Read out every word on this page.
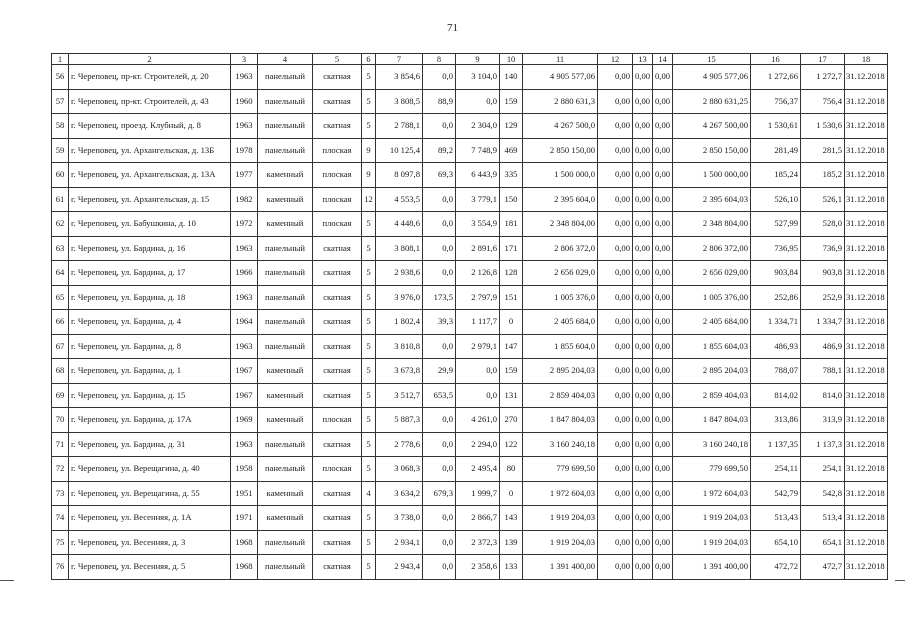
71
1	2	3	4	5	6	7	8	9	10	11	12	13	14	15	16	17	18
56	г. Череповец, пр-кт. Строителей, д. 20	1963	панельный	скатная	5	3 854,6	0,0	3 104,0	140	4 905 577,06	0,00	0,00	0,00	4 905 577,06	1 272,66	1 272,7	31.12.2018
57	г. Череповец, пр-кт. Строителей, д. 43	1960	панельный	скатная	5	3 808,5	88,9	0,0	159	2 880 631,3	0,00	0,00	0,00	2 880 631,25	756,37	756,4	31.12.2018
58	г. Череповец, проезд. Клубный, д. 8	1963	панельный	скатная	5	2 788,1	0,0	2 304,0	129	4 267 500,0	0,00	0,00	0,00	4 267 500,00	1 530,61	1 530,6	31.12.2018
59	г. Череповец, ул. Архангельская, д. 13Б	1978	панельный	плоская	9	10 125,4	89,2	7 748,9	469	2 850 150,00	0,00	0,00	0,00	2 850 150,00	281,49	281,5	31.12.2018
60	г. Череповец, ул. Архангельская, д. 13А	1977	каменный	плоская	9	8 097,8	69,3	6 443,9	335	1 500 000,0	0,00	0,00	0,00	1 500 000,00	185,24	185,2	31.12.2018
61	г. Череповец, ул. Архангельская, д. 15	1982	каменный	плоская	12	4 553,5	0,0	3 779,1	150	2 395 604,0	0,00	0,00	0,00	2 395 604,03	526,10	526,1	31.12.2018
62	г. Череповец, ул. Бабушкина, д. 10	1972	каменный	плоская	5	4 448,6	0,0	3 554,9	181	2 348 804,00	0,00	0,00	0,00	2 348 804,00	527,99	528,0	31.12.2018
63	г. Череповец, ул. Бардина, д. 16	1963	панельный	скатная	5	3 808,1	0,0	2 891,6	171	2 806 372,0	0,00	0,00	0,00	2 806 372,00	736,95	736,9	31.12.2018
64	г. Череповец, ул. Бардина, д. 17	1966	панельный	скатная	5	2 938,6	0,0	2 126,8	128	2 656 029,0	0,00	0,00	0,00	2 656 029,00	903,84	903,8	31.12.2018
65	г. Череповец, ул. Бардина, д. 18	1963	панельный	скатная	5	3 976,0	173,5	2 797,9	151	1 005 376,0	0,00	0,00	0,00	1 005 376,00	252,86	252,9	31.12.2018
66	г. Череповец, ул. Бардина, д. 4	1964	панельный	скатная	5	1 802,4	39,3	1 117,7	0	2 405 684,0	0,00	0,00	0,00	2 405 684,00	1 334,71	1 334,7	31.12.2018
67	г. Череповец, ул. Бардина, д. 8	1963	панельный	скатная	5	3 810,8	0,0	2 979,1	147	1 855 604,0	0,00	0,00	0,00	1 855 604,03	486,93	486,9	31.12.2018
68	г. Череповец, ул. Бардина, д. 1	1967	каменный	скатная	5	3 673,8	29,9	0,0	159	2 895 204,03	0,00	0,00	0,00	2 895 204,03	788,07	788,1	31.12.2018
69	г. Череповец, ул. Бардина, д. 15	1967	каменный	скатная	5	3 512,7	653,5	0,0	131	2 859 404,03	0,00	0,00	0,00	2 859 404,03	814,02	814,0	31.12.2018
70	г. Череповец, ул. Бардина, д. 17А	1969	каменный	плоская	5	5 887,3	0,0	4 261,0	270	1 847 804,03	0,00	0,00	0,00	1 847 804,03	313,86	313,9	31.12.2018
71	г. Череповец, ул. Бардина, д. 31	1963	панельный	скатная	5	2 778,6	0,0	2 294,0	122	3 160 240,18	0,00	0,00	0,00	3 160 240,18	1 137,35	1 137,3	31.12.2018
72	г. Череповец, ул. Верещагина, д. 40	1958	панельный	плоская	5	3 068,3	0,0	2 495,4	80	779 699,50	0,00	0,00	0,00	779 699,50	254,11	254,1	31.12.2018
73	г. Череповец, ул. Верещагина, д. 55	1951	каменный	скатная	4	3 634,2	679,3	1 999,7	0	1 972 604,03	0,00	0,00	0,00	1 972 604,03	542,79	542,8	31.12.2018
74	г. Череповец, ул. Весенняя, д. 1А	1971	каменный	скатная	5	3 738,0	0,0	2 866,7	143	1 919 204,03	0,00	0,00	0,00	1 919 204,03	513,43	513,4	31.12.2018
75	г. Череповец, ул. Весенняя, д. 3	1968	панельный	скатная	5	2 934,1	0,0	2 372,3	139	1 919 204,03	0,00	0,00	0,00	1 919 204,03	654,10	654,1	31.12.2018
76	г. Череповец, ул. Весенняя, д. 5	1968	панельный	скатная	5	2 943,4	0,0	2 358,6	133	1 391 400,00	0,00	0,00	0,00	1 391 400,00	472,72	472,7	31.12.2018
